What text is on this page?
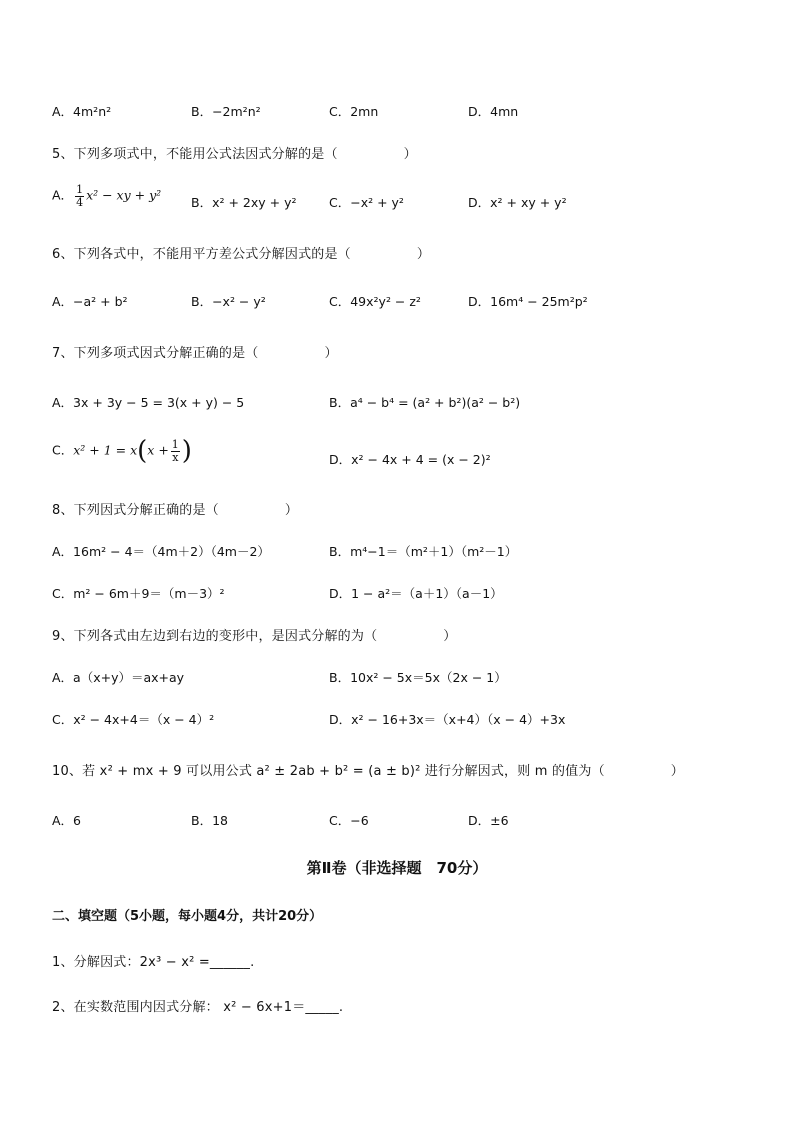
A．4m²n²	B．−2m²n²	C．2mn	D．4mn
5、下列多项式中，不能用公式法因式分解的是（　　　　　）
A． $\frac{1}{4} x^2$ − xy + y² B．x² + 2xy + y²	C．−x² + y²	D．x² + xy + y²
6、下列各式中，不能用平方差公式分解因式的是（　　　　　）
A．−a² + b²	B．−x² − y²	C．49x²y² − z²	D．16m⁴ − 25m²p²
7、下列多项式因式分解正确的是（　　　　　）
A．3x + 3y − 5 = 3(x + y) − 5	B．a⁴ − b⁴ = (a² + b²)(a² − b²)
C．$x^2 + 1 = x(x + \frac{1}{x}$ )	D．x² − 4x + 4 = (x − 2)²
8、下列因式分解正确的是（　　　　　）
A．16m² − 4＝（4m＋2）（4m－2）	B．m⁴−1＝（m²＋1）（m²－1）
C．m² − 6m＋9＝（m－3）²	D．1 − a²＝（a＋1）（a－1）
9、下列各式由左边到右边的变形中，是因式分解的为（　　　　　）
A．a（x+y）＝ax+ay	B．10x² − 5x＝5x（2x − 1）
C．x² − 4x+4＝（x − 4）²	D．x² − 16+3x＝（x+4）（x − 4）+3x
10、若 x² + mx + 9 可以用公式 a² ± 2ab + b² = (a ± b)² 进行分解因式，则 m 的值为（　　　　　）
A．6	B．18	C．−6	D．±6
第Ⅱ卷（非选择题　70分）
二、填空题（5小题，每小题4分，共计20分）
1、分解因式：2x³ − x² =______.
2、在实数范围内因式分解： x² − 6x+1＝_____.
